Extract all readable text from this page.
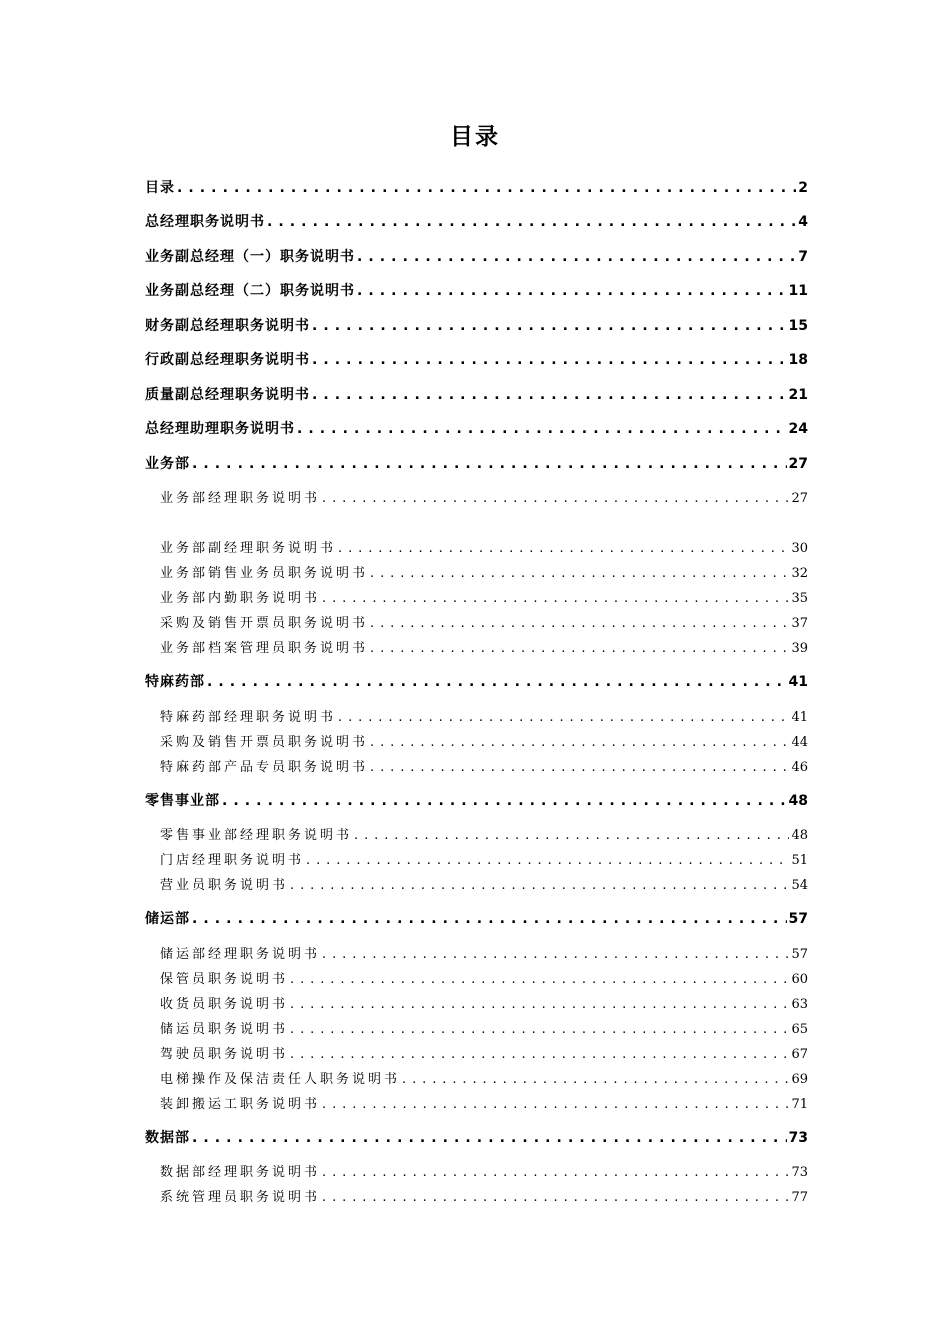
目录
目录 . . .	2
总经理职务说明书 . . .	4
业务副总经理（一）职务说明书 . . .	7
业务副总经理（二）职务说明书 . . .	11
财务副总经理职务说明书 . . .	15
行政副总经理职务说明书 . . .	18
质量副总经理职务说明书 . . .	21
总经理助理职务说明书 . . .	24
业务部 . . .	27
业务部经理职务说明书 . . .	27
业务部副经理职务说明书 . . .	30
业务部销售业务员职务说明书 . . .	32
业务部内勤职务说明书 . . .	35
采购及销售开票员职务说明书 . . .	37
业务部档案管理员职务说明书 . . .	39
特麻药部 . . .	41
特麻药部经理职务说明书 . . .	41
采购及销售开票员职务说明书 . . .	44
特麻药部产品专员职务说明书 . . .	46
零售事业部 . . .	48
零售事业部经理职务说明书 . . .	48
门店经理职务说明书 . . .	51
营业员职务说明书 . . .	54
储运部 . . .	57
储运部经理职务说明书 . . .	57
保管员职务说明书 . . .	60
收货员职务说明书 . . .	63
储运员职务说明书 . . .	65
驾驶员职务说明书 . . .	67
电梯操作及保洁责任人职务说明书 . . .	69
装卸搬运工职务说明书 . . .	71
数据部 . . .	73
数据部经理职务说明书 . . .	73
系统管理员职务说明书 . . .	77
